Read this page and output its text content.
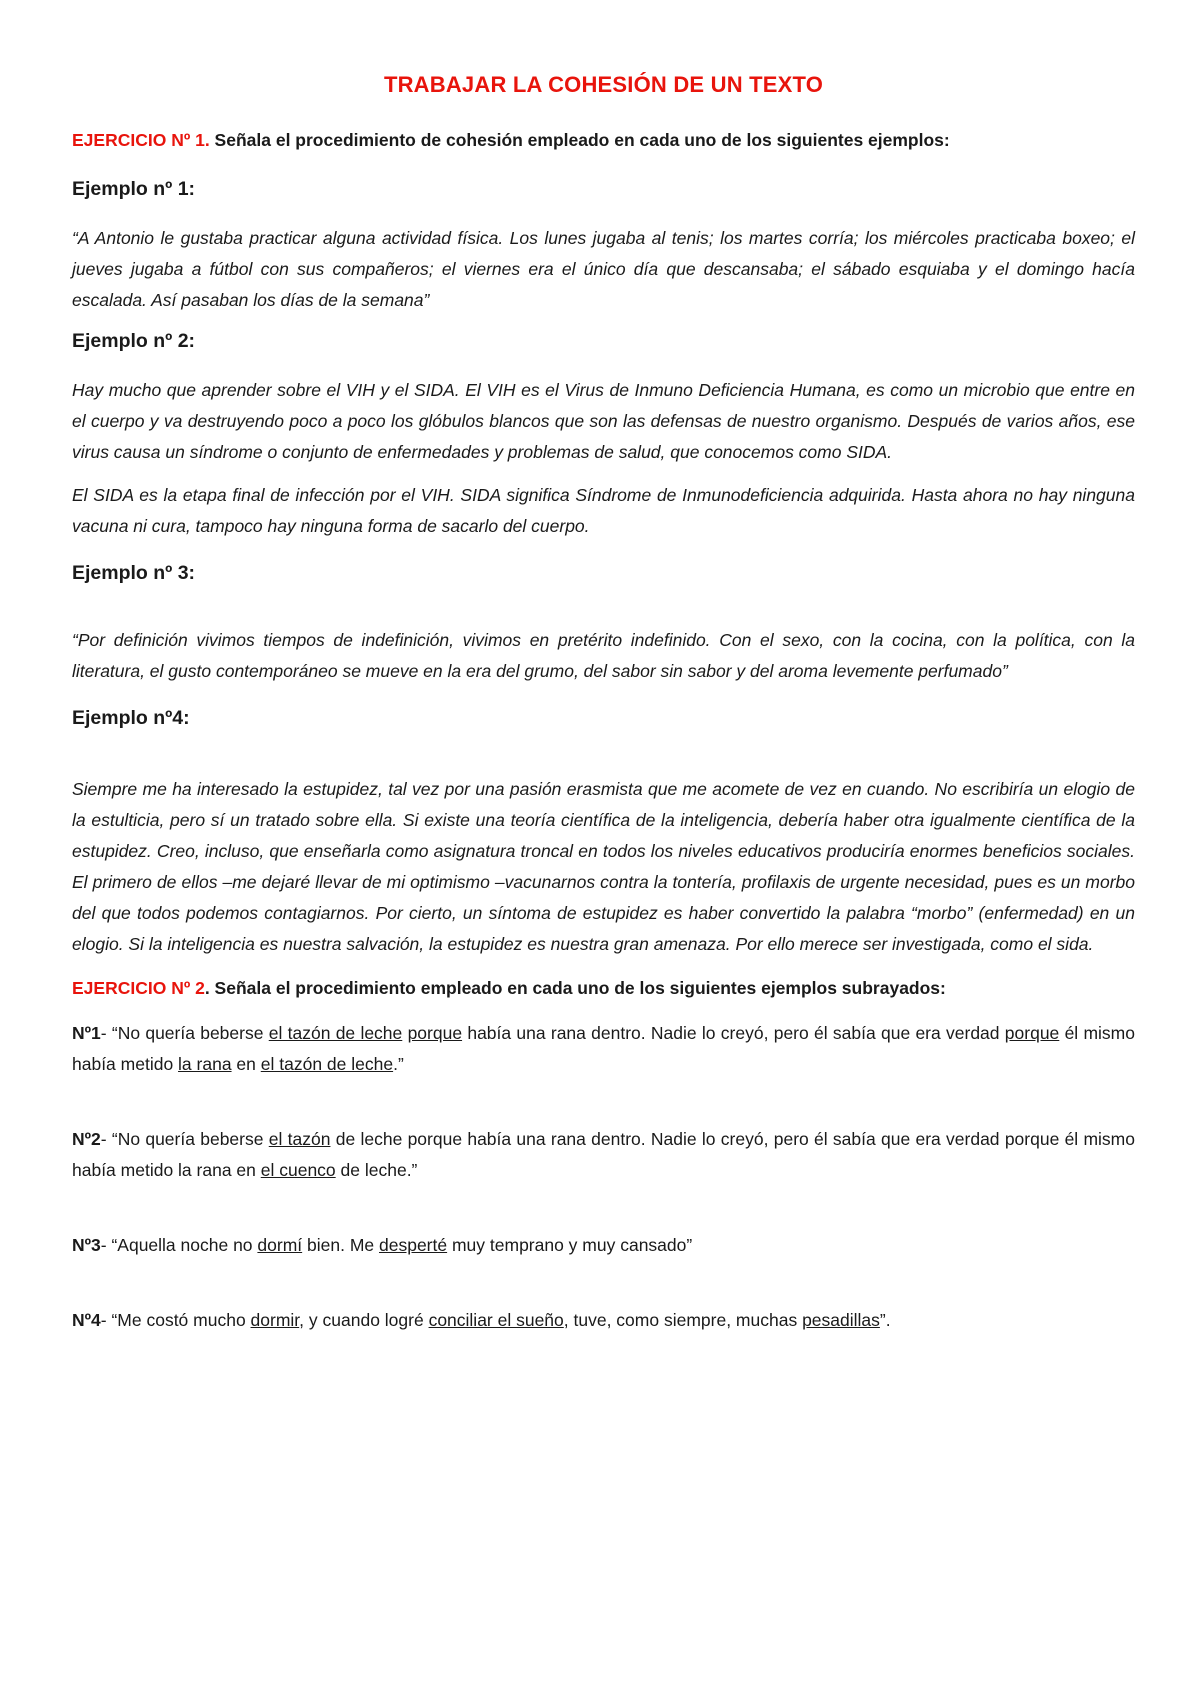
TRABAJAR LA COHESIÓN DE UN TEXTO

EJERCICIO Nº 1. Señala el procedimiento de cohesión empleado en cada uno de los siguientes ejemplos:

Ejemplo nº 1:

“A Antonio le gustaba practicar alguna actividad física. Los lunes jugaba al tenis; los martes corría; los miércoles practicaba boxeo; el jueves jugaba a fútbol con sus compañeros; el viernes era el único día que descansaba; el sábado esquiaba y el domingo hacía escalada. Así pasaban los días de la semana”

Ejemplo nº 2:

Hay mucho que aprender sobre el VIH y el SIDA. El VIH es el Virus de Inmuno Deficiencia Humana, es como un microbio que entre en el cuerpo y va destruyendo poco a poco los glóbulos blancos que son las defensas de nuestro organismo. Después de varios años, ese virus causa un síndrome o conjunto de enfermedades y problemas de salud, que conocemos como SIDA.

El SIDA es la etapa final de infección por el VIH. SIDA significa Síndrome de Inmunodeficiencia adquirida. Hasta ahora no hay ninguna vacuna ni cura, tampoco hay ninguna forma de sacarlo del cuerpo.

Ejemplo nº 3:

“Por definición vivimos tiempos de indefinición, vivimos en pretérito indefinido. Con el sexo, con la cocina, con la política, con la literatura, el gusto contemporáneo se mueve en la era del grumo, del sabor sin sabor y del aroma levemente perfumado”

Ejemplo nº4:

Siempre me ha interesado la estupidez, tal vez por una pasión erasmista que me acomete de vez en cuando. No escribiría un elogio de la estulticia, pero sí un tratado sobre ella. Si existe una teoría científica de la inteligencia, debería haber otra igualmente científica de la estupidez. Creo, incluso, que enseñarla como asignatura troncal en todos los niveles educativos produciría enormes beneficios sociales. El primero de ellos –me dejaré llevar de mi optimismo –vacunarnos contra la tontería, profilaxis de urgente necesidad, pues es un morbo del que todos podemos contagiarnos. Por cierto, un síntoma de estupidez es haber convertido la palabra “morbo” (enfermedad) en un elogio. Si la inteligencia es nuestra salvación, la estupidez es nuestra gran amenaza. Por ello merece ser investigada, como el sida.

EJERCICIO Nº 2. Señala el procedimiento empleado en cada uno de los siguientes ejemplos subrayados:

Nº1- “No quería beberse el tazón de leche porque había una rana dentro. Nadie lo creyó, pero él sabía que era verdad porque él mismo había metido la rana en el tazón de leche.”

Nº2- “No quería beberse el tazón de leche porque había una rana dentro. Nadie lo creyó, pero él sabía que era verdad porque él mismo había metido la rana en el cuenco de leche.”

Nº3- “Aquella noche no dormí bien. Me desperté muy temprano y muy cansado”

Nº4- “Me costó mucho dormir, y cuando logré conciliar el sueño, tuve, como siempre, muchas pesadillas”.
